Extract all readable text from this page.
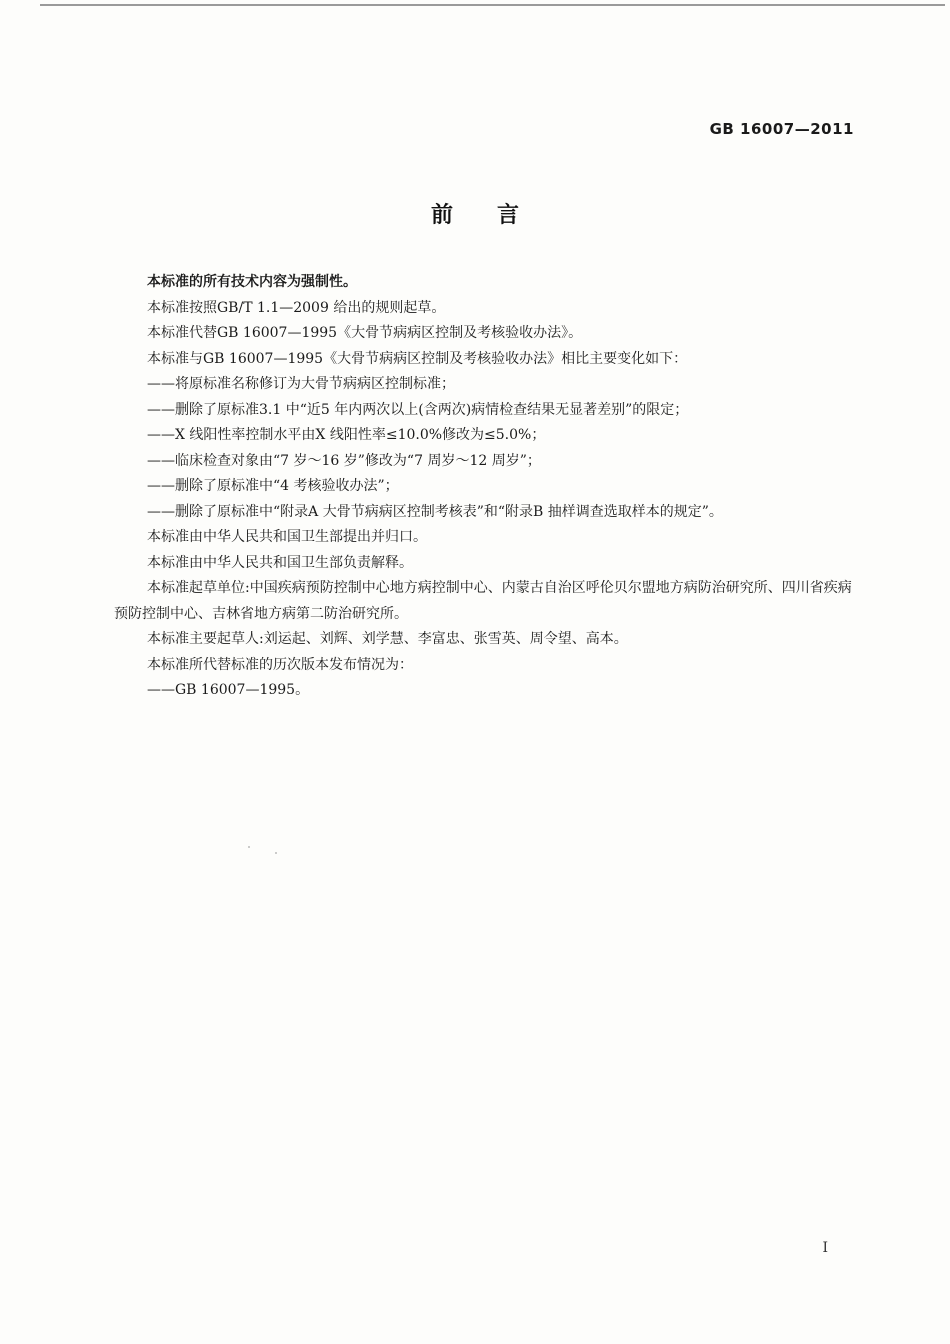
GB 16007—2011
前言

本标准的所有技术内容为强制性。

本标准按照GB/T 1.1—2009 给出的规则起草。

本标准代替GB 16007—1995《大骨节病病区控制及考核验收办法》。

本标准与GB 16007—1995《大骨节病病区控制及考核验收办法》相比主要变化如下：

——将原标准名称修订为大骨节病病区控制标准；

——删除了原标准3.1 中“近5 年内两次以上(含两次)病情检查结果无显著差别”的限定；

——X 线阳性率控制水平由X 线阳性率≤10.0%修改为≤5.0%；

——临床检查对象由“7 岁～16 岁”修改为“7 周岁～12 周岁”；

——删除了原标准中“4 考核验收办法”；

——删除了原标准中“附录A 大骨节病病区控制考核表”和“附录B 抽样调查选取样本的规定”。

本标准由中华人民共和国卫生部提出并归口。

本标准由中华人民共和国卫生部负责解释。

本标准起草单位:中国疾病预防控制中心地方病控制中心、内蒙古自治区呼伦贝尔盟地方病防治研究所、四川省疾病预防控制中心、吉林省地方病第二防治研究所。

本标准主要起草人:刘运起、刘辉、刘学慧、李富忠、张雪英、周令望、高本。

本标准所代替标准的历次版本发布情况为：

——GB 16007—1995。

I
